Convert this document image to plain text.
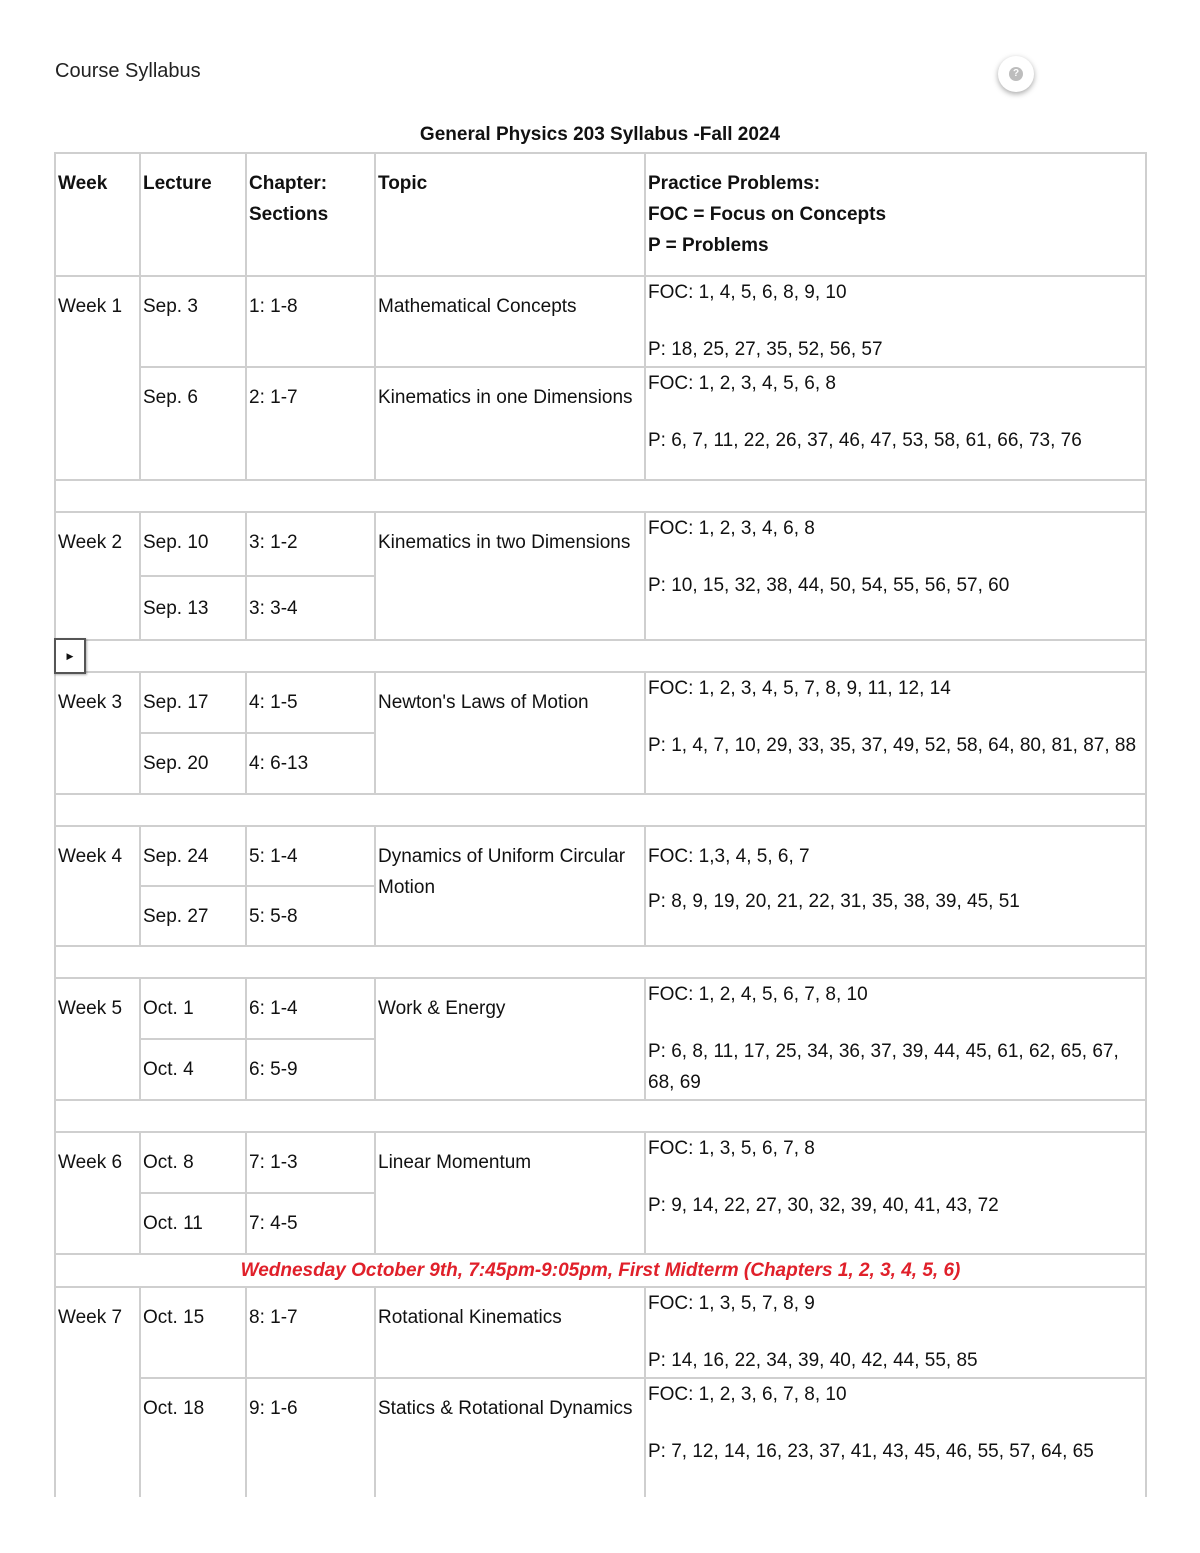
Course Syllabus	?
General Physics 203 Syllabus -Fall 2024
Week	Lecture	Chapter: Sections	Topic	Practice Problems:
FOC = Focus on Concepts
P = Problems

Week 1	Sep. 3	1: 1-8	Mathematical Concepts	FOC: 1, 4, 5, 6, 8, 9, 10
P: 18, 25, 27, 35, 52, 56, 57

	Sep. 6	2: 1-7	Kinematics in one Dimensions	FOC: 1, 2, 3, 4, 5, 6, 8
P: 6, 7, 11, 22, 26, 37, 46, 47, 53, 58, 61, 66, 73, 76

Week 2	Sep. 10	3: 1-2	Kinematics in two Dimensions	FOC: 1, 2, 3, 4, 6, 8
P: 10, 15, 32, 38, 44, 50, 54, 55, 56, 57, 60

	Sep. 13	3: 3-4		

Week 3	Sep. 17	4: 1-5	Newton's Laws of Motion	FOC: 1, 2, 3, 4, 5, 7, 8, 9, 11, 12, 14
P: 1, 4, 7, 10, 29, 33, 35, 37, 49, 52, 58, 64, 80, 81, 87, 88

	Sep. 20	4: 6-13		

Week 4	Sep. 24	5: 1-4	Dynamics of Uniform Circular Motion	FOC: 1,3, 4, 5, 6, 7
P: 8, 9, 19, 20, 21, 22, 31, 35, 38, 39, 45, 51

	Sep. 27	5: 5-8		

Week 5	Oct. 1	6: 1-4	Work & Energy	FOC: 1, 2, 4, 5, 6, 7, 8, 10
P: 6, 8, 11, 17, 25, 34, 36, 37, 39, 44, 45, 61, 62, 65, 67, 68, 69

	Oct. 4	6: 5-9		

Week 6	Oct. 8	7: 1-3	Linear Momentum	FOC: 1, 3, 5, 6, 7, 8
P: 9, 14, 22, 27, 30, 32, 39, 40, 41, 43, 72

	Oct. 11	7: 4-5		
Wednesday October 9th, 7:45pm-9:05pm, First Midterm (Chapters 1, 2, 3, 4, 5, 6)				
Week 7	Oct. 15	8: 1-7	Rotational Kinematics	FOC: 1, 3, 5, 7, 8, 9
P: 14, 16, 22, 34, 39, 40, 42, 44, 55, 85

	Oct. 18	9: 1-6	Statics & Rotational Dynamics	FOC: 1, 2, 3, 6, 7, 8, 10
P: 7, 12, 14, 16, 23, 37, 41, 43, 45, 46, 55, 57, 64, 65
▶
